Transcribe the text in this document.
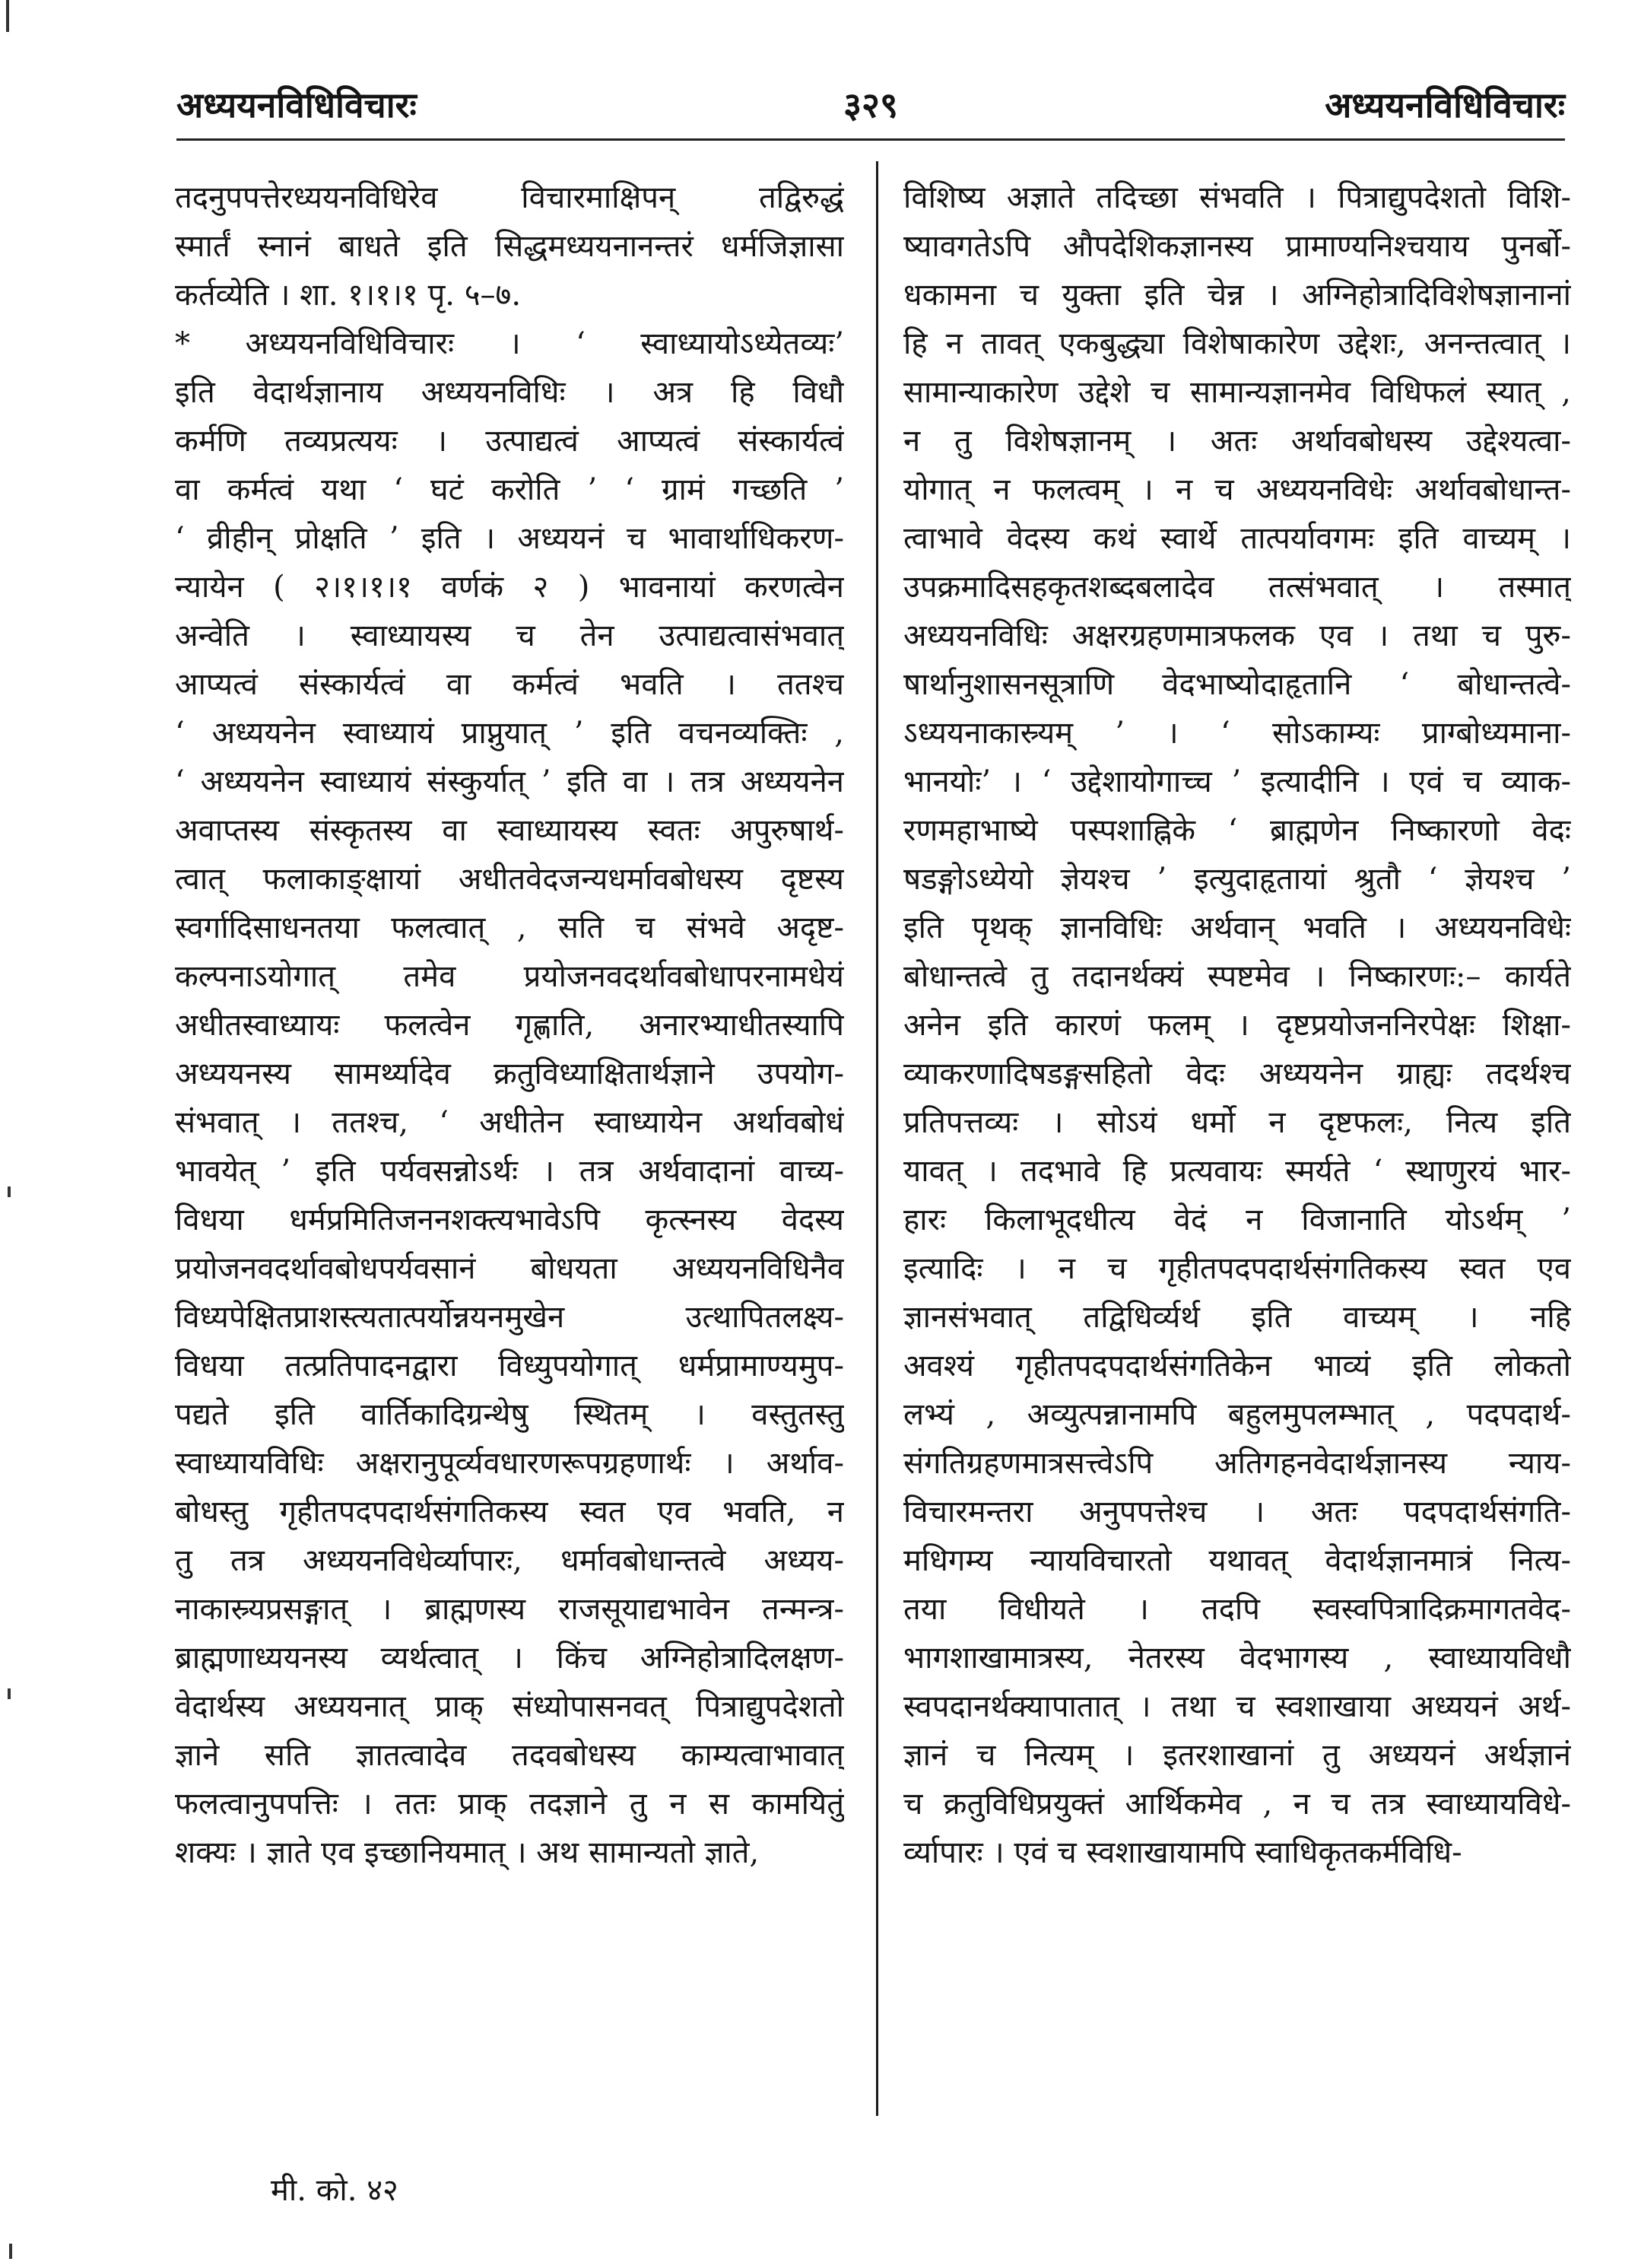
अध्ययनविधिविचारः	३२९	अध्ययनविधिविचारः
तदनुपपत्तेरध्ययनविधिरेव विचारमाक्षिपन् तद्विरुद्धं
स्मार्तं स्नानं बाधते इति सिद्धमध्ययनानन्तरं धर्मजिज्ञासा
कर्तव्येति । शा. १।१।१ पृ. ५–७.
* अध्ययनविधिविचारः । ‘ स्वाध्यायोऽध्येतव्यः’
इति वेदार्थज्ञानाय अध्ययनविधिः । अत्र हि विधौ
कर्मणि तव्यप्रत्ययः । उत्पाद्यत्वं आप्यत्वं संस्कार्यत्वं
वा कर्मत्वं यथा ‘ घटं करोति ’ ‘ ग्रामं गच्छति ’
‘ व्रीहीन् प्रोक्षति ’ इति । अध्ययनं च भावार्थाधिकरण-
न्यायेन ( २।१।१।१ वर्णकं २ ) भावनायां करणत्वेन
अन्वेति । स्वाध्यायस्य च तेन उत्पाद्यत्वासंभवात्
आप्यत्वं संस्कार्यत्वं वा कर्मत्वं भवति । ततश्च
‘ अध्ययनेन स्वाध्यायं प्राप्नुयात् ’ इति वचनव्यक्तिः ,
‘ अध्ययनेन स्वाध्यायं संस्कुर्यात् ’ इति वा । तत्र अध्ययनेन
अवाप्तस्य संस्कृतस्य वा स्वाध्यायस्य स्वतः अपुरुषार्थ-
त्वात् फलाकाङ्क्षायां अधीतवेदजन्यधर्मावबोधस्य दृष्टस्य
स्वर्गादिसाधनतया फलत्वात् , सति च संभवे अदृष्ट-
कल्पनाऽयोगात् तमेव प्रयोजनवदर्थावबोधापरनामधेयं
अधीतस्वाध्यायः फलत्वेन गृह्णाति, अनारभ्याधीतस्यापि
अध्ययनस्य सामर्थ्यादेव क्रतुविध्याक्षितार्थज्ञाने उपयोग-
संभवात् । ततश्च, ‘ अधीतेन स्वाध्यायेन अर्थावबोधं
भावयेत् ’ इति पर्यवसन्नोऽर्थः । तत्र अर्थवादानां वाच्य-
विधया धर्मप्रमितिजननशक्त्यभावेऽपि कृत्स्नस्य वेदस्य
प्रयोजनवदर्थावबोधपर्यवसानं बोधयता अध्ययनविधिनैव
विध्यपेक्षितप्राशस्त्यतात्पर्योन्नयनमुखेन उत्थापितलक्ष्य-
विधया तत्प्रतिपादनद्वारा विध्युपयोगात् धर्मप्रामाण्यमुप-
पद्यते इति वार्तिकादिग्रन्थेषु स्थितम् । वस्तुतस्तु
स्वाध्यायविधिः अक्षरानुपूर्व्यवधारणरूपग्रहणार्थः । अर्थाव-
बोधस्तु गृहीतपदपदार्थसंगतिकस्य स्वत एव भवति, न
तु तत्र अध्ययनविधेर्व्यापारः, धर्मावबोधान्तत्वे अध्यय-
नाकास्र्यप्रसङ्गात् । ब्राह्मणस्य राजसूयाद्यभावेन तन्मन्त्र-
ब्राह्मणाध्ययनस्य व्यर्थत्वात् । किंच अग्निहोत्रादिलक्षण-
वेदार्थस्य अध्ययनात् प्राक् संध्योपासनवत् पित्राद्युपदेशतो
ज्ञाने सति ज्ञातत्वादेव तदवबोधस्य काम्यत्वाभावात्
फलत्वानुपपत्तिः । ततः प्राक् तदज्ञाने तु न स कामयितुं
शक्यः । ज्ञाते एव इच्छानियमात् । अथ सामान्यतो ज्ञाते,
विशिष्य अज्ञाते तदिच्छा संभवति । पित्राद्युपदेशतो विशि-
ष्यावगतेऽपि औपदेशिकज्ञानस्य प्रामाण्यनिश्चयाय पुनर्बो-
धकामना च युक्ता इति चेन्न । अग्निहोत्रादिविशेषज्ञानानां
हि न तावत् एकबुद्ध्या विशेषाकारेण उद्देशः, अनन्तत्वात् ।
सामान्याकारेण उद्देशे च सामान्यज्ञानमेव विधिफलं स्यात् ,
न तु विशेषज्ञानम् । अतः अर्थावबोधस्य उद्देश्यत्वा-
योगात् न फलत्वम् । न च अध्ययनविधेः अर्थावबोधान्त-
त्वाभावे वेदस्य कथं स्वार्थे तात्पर्यावगमः इति वाच्यम् ।
उपक्रमादिसहकृतशब्दबलादेव तत्संभवात् । तस्मात्
अध्ययनविधिः अक्षरग्रहणमात्रफलक एव । तथा च पुरु-
षार्थानुशासनसूत्राणि वेदभाष्योदाहृतानि ‘ बोधान्तत्वे-
ऽध्ययनाकास्र्यम् ’ । ‘ सोऽकाम्यः प्राग्बोध्यमाना-
भानयोः’ । ‘ उद्देशायोगाच्च ’ इत्यादीनि । एवं च व्याक-
रणमहाभाष्ये पस्पशाह्निके ‘ ब्राह्मणेन निष्कारणो वेदः
षडङ्गोऽध्येयो ज्ञेयश्च ’ इत्युदाहृतायां श्रुतौ ‘ ज्ञेयश्च ’
इति पृथक् ज्ञानविधिः अर्थवान् भवति । अध्ययनविधेः
बोधान्तत्वे तु तदानर्थक्यं स्पष्टमेव । निष्कारणः:– कार्यते
अनेन इति कारणं फलम् । दृष्टप्रयोजननिरपेक्षः शिक्षा-
व्याकरणादिषडङ्गसहितो वेदः अध्ययनेन ग्राह्यः तदर्थश्च
प्रतिपत्तव्यः । सोऽयं धर्मो न दृष्टफलः, नित्य इति
यावत् । तदभावे हि प्रत्यवायः स्मर्यते ‘ स्थाणुरयं भार-
हारः किलाभूदधीत्य वेदं न विजानाति योऽर्थम् ’
इत्यादिः । न च गृहीतपदपदार्थसंगतिकस्य स्वत एव
ज्ञानसंभवात् तद्विधिर्व्यर्थ इति वाच्यम् । नहि
अवश्यं गृहीतपदपदार्थसंगतिकेन भाव्यं इति लोकतो
लभ्यं , अव्युत्पन्नानामपि बहुलमुपलम्भात् , पदपदार्थ-
संगतिग्रहणमात्रसत्त्वेऽपि अतिगहनवेदार्थज्ञानस्य न्याय-
विचारमन्तरा अनुपपत्तेश्च । अतः पदपदार्थसंगति-
मधिगम्य न्यायविचारतो यथावत् वेदार्थज्ञानमात्रं नित्य-
तया विधीयते । तदपि स्वस्वपित्रादिक्रमागतवेद-
भागशाखामात्रस्य, नेतरस्य वेदभागस्य , स्वाध्यायविधौ
स्वपदानर्थक्यापातात् । तथा च स्वशाखाया अध्ययनं अर्थ-
ज्ञानं च नित्यम् । इतरशाखानां तु अध्ययनं अर्थज्ञानं
च क्रतुविधिप्रयुक्तं आर्थिकमेव , न च तत्र स्वाध्यायविधे-
र्व्यापारः । एवं च स्वशाखायामपि स्वाधिकृतकर्मविधि-
मी. को. ४२
